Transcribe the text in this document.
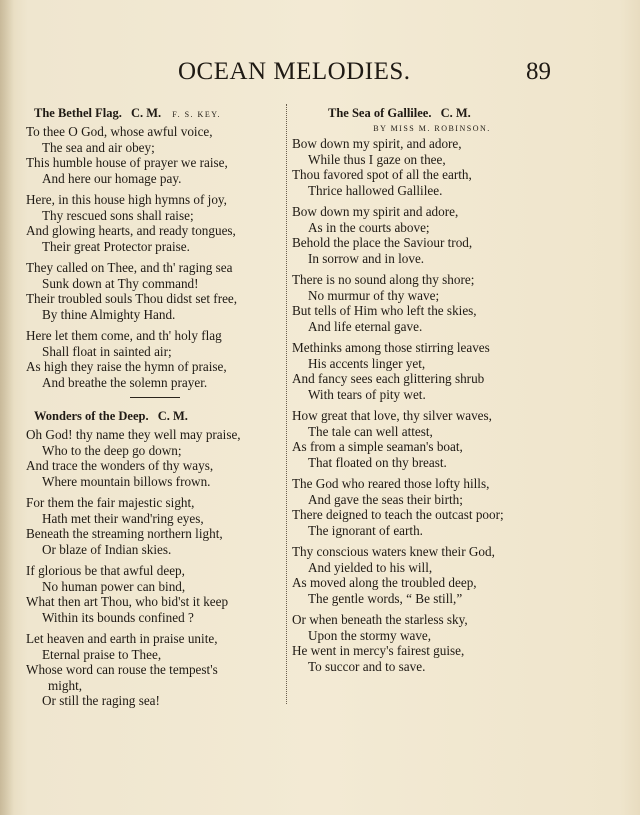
OCEAN MELODIES.	89
The Bethel Flag. C. M. F. S. KEY.
To thee O God, whose awful voice,
The sea and air obey;
This humble house of prayer we raise,
And here our homage pay.
Here, in this house high hymns of joy,
Thy rescued sons shall raise;
And glowing hearts, and ready tongues,
Their great Protector praise.
They called on Thee, and th' raging sea
Sunk down at Thy command!
Their troubled souls Thou didst set free,
By thine Almighty Hand.
Here let them come, and th' holy flag
Shall float in sainted air;
As high they raise the hymn of praise,
And breathe the solemn prayer.
Wonders of the Deep. C. M.
Oh God! thy name they well may praise,
Who to the deep go down;
And trace the wonders of thy ways,
Where mountain billows frown.
For them the fair majestic sight,
Hath met their wand'ring eyes,
Beneath the streaming northern light,
Or blaze of Indian skies.
If glorious be that awful deep,
No human power can bind,
What then art Thou, who bid'st it keep
Within its bounds confined ?
Let heaven and earth in praise unite,
Eternal praise to Thee,
Whose word can rouse the tempest's
might,
Or still the raging sea!
The Sea of Gallilee. C. M.
BY MISS M. ROBINSON.
Bow down my spirit, and adore,
While thus I gaze on thee,
Thou favored spot of all the earth,
Thrice hallowed Gallilee.
Bow down my spirit and adore,
As in the courts above;
Behold the place the Saviour trod,
In sorrow and in love.
There is no sound along thy shore;
No murmur of thy wave;
But tells of Him who left the skies,
And life eternal gave.
Methinks among those stirring leaves
His accents linger yet,
And fancy sees each glittering shrub
With tears of pity wet.
How great that love, thy silver waves,
The tale can well attest,
As from a simple seaman's boat,
That floated on thy breast.
The God who reared those lofty hills,
And gave the seas their birth;
There deigned to teach the outcast poor;
The ignorant of earth.
Thy conscious waters knew their God,
And yielded to his will,
As moved along the troubled deep,
The gentle words, “ Be still,”
Or when beneath the starless sky,
Upon the stormy wave,
He went in mercy's fairest guise,
To succor and to save.
